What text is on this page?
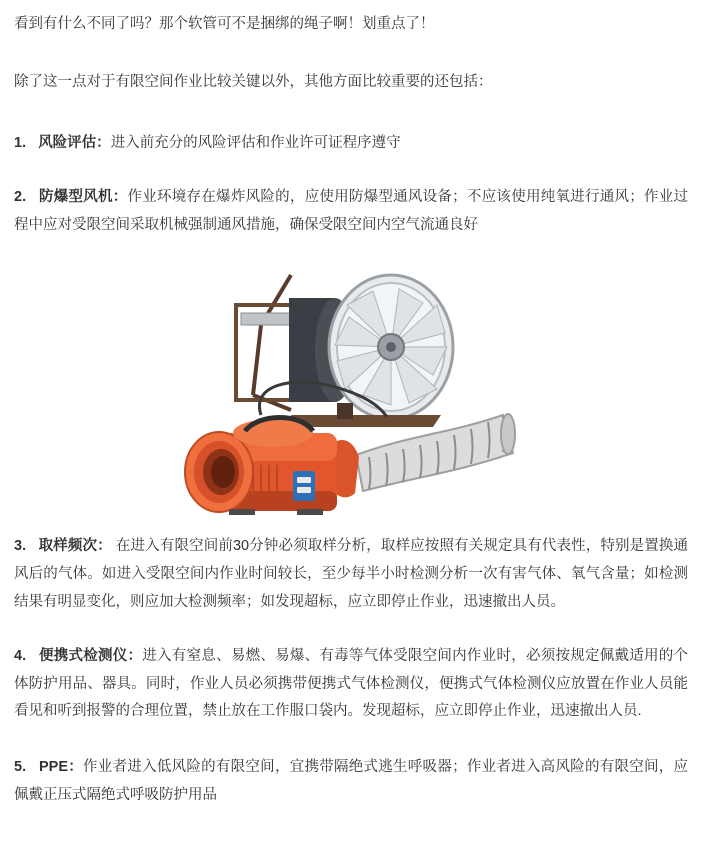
看到有什么不同了吗？那个软管可不是捆绑的绳子啊！划重点了！

除了这一点对于有限空间作业比较关键以外，其他方面比较重要的还包括：

1. 风险评估：进入前充分的风险评估和作业许可证程序遵守

2. 防爆型风机：作业环境存在爆炸风险的，应使用防爆型通风设备；不应该使用纯氧进行通风；作业过程中应对受限空间采取机械强制通风措施，确保受限空间内空气流通良好

3. 取样频次： 在进入有限空间前30分钟必须取样分析，取样应按照有关规定具有代表性，特别是置换通风后的气体。如进入受限空间内作业时间较长，至少每半小时检测分析一次有害气体、氧气含量；如检测结果有明显变化，则应加大检测频率；如发现超标，应立即停止作业，迅速撤出人员。

4. 便携式检测仪：进入有窒息、易燃、易爆、有毒等气体受限空间内作业时，必须按规定佩戴适用的个体防护用品、器具。同时，作业人员必须携带便携式气体检测仪，便携式气体检测仪应放置在作业人员能看见和听到报警的合理位置，禁止放在工作服口袋内。发现超标，应立即停止作业，迅速撤出人员.

5. PPE：作业者进入低风险的有限空间，宜携带隔绝式逃生呼吸器；作业者进入高风险的有限空间，应佩戴正压式隔绝式呼吸防护用品
